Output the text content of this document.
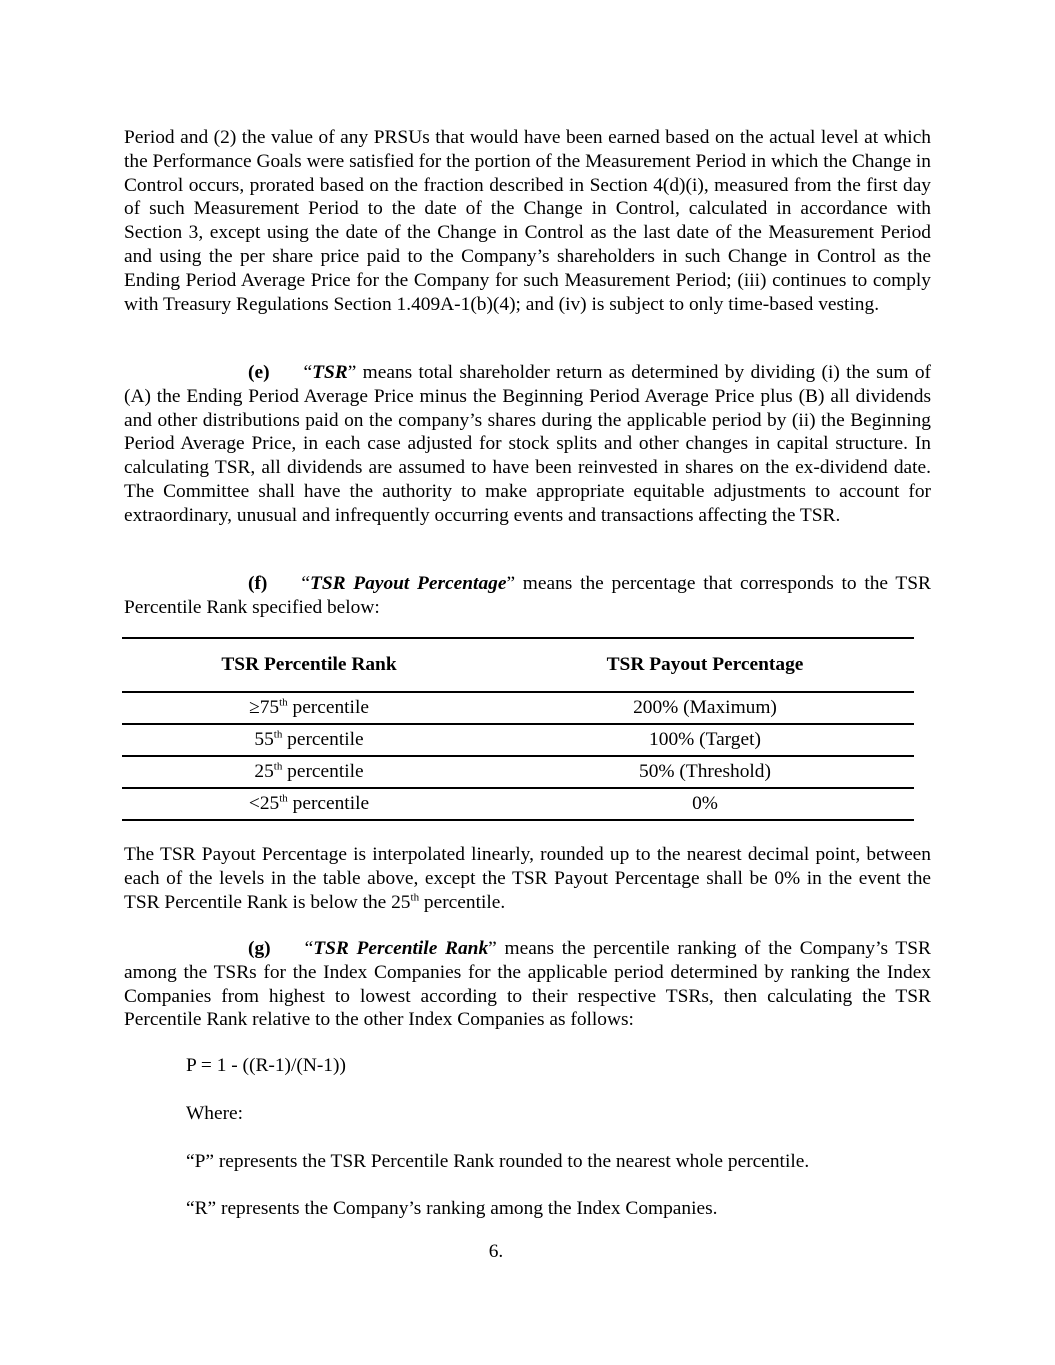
Period and (2) the value of any PRSUs that would have been earned based on the actual level at which the Performance Goals were satisfied for the portion of the Measurement Period in which the Change in Control occurs, prorated based on the fraction described in Section 4(d)(i), measured from the first day of such Measurement Period to the date of the Change in Control, calculated in accordance with Section 3, except using the date of the Change in Control as the last date of the Measurement Period and using the per share price paid to the Company’s shareholders in such Change in Control as the Ending Period Average Price for the Company for such Measurement Period; (iii) continues to comply with Treasury Regulations Section 1.409A-1(b)(4); and (iv) is subject to only time-based vesting.

(e) “TSR” means total shareholder return as determined by dividing (i) the sum of (A) the Ending Period Average Price minus the Beginning Period Average Price plus (B) all dividends and other distributions paid on the company’s shares during the applicable period by (ii) the Beginning Period Average Price, in each case adjusted for stock splits and other changes in capital structure. In calculating TSR, all dividends are assumed to have been reinvested in shares on the ex-dividend date. The Committee shall have the authority to make appropriate equitable adjustments to account for extraordinary, unusual and infrequently occurring events and transactions affecting the TSR.

(f) “TSR Payout Percentage” means the percentage that corresponds to the TSR Percentile Rank specified below:

TSR Percentile Rank	TSR Payout Percentage
≥75th percentile	200% (Maximum)
55th percentile	100% (Target)
25th percentile	50% (Threshold)
<25th percentile	0%

The TSR Payout Percentage is interpolated linearly, rounded up to the nearest decimal point, between each of the levels in the table above, except the TSR Payout Percentage shall be 0% in the event the TSR Percentile Rank is below the 25th percentile.

(g) “TSR Percentile Rank” means the percentile ranking of the Company’s TSR among the TSRs for the Index Companies for the applicable period determined by ranking the Index Companies from highest to lowest according to their respective TSRs, then calculating the TSR Percentile Rank relative to the other Index Companies as follows:

P = 1 - ((R-1)/(N-1))

Where:

“P” represents the TSR Percentile Rank rounded to the nearest whole percentile.

“R” represents the Company’s ranking among the Index Companies.

6.
